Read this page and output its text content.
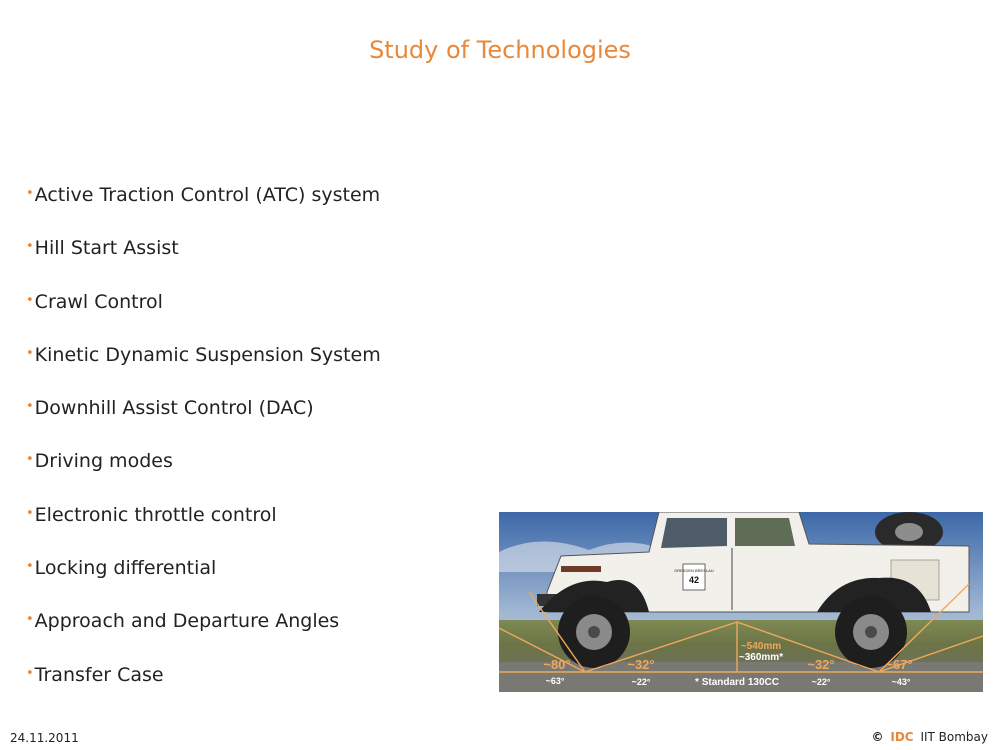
Study of Technologies
•Active Traction Control (ATC) system
•Hill Start Assist
•Crawl Control
•Kinetic Dynamic Suspension System
•Downhill Assist Control (DAC)
•Driving modes
•Electronic throttle control
•Locking differential
•Approach and Departure Angles
•Transfer Case
DRESDEN BRESLAU
42
~80°
~63°
~32°
~22°
~540mm
~360mm* ~32°
~22°
~67°
~43°
* Standard 130CC
24.11.2011	© IDC IIT Bombay
